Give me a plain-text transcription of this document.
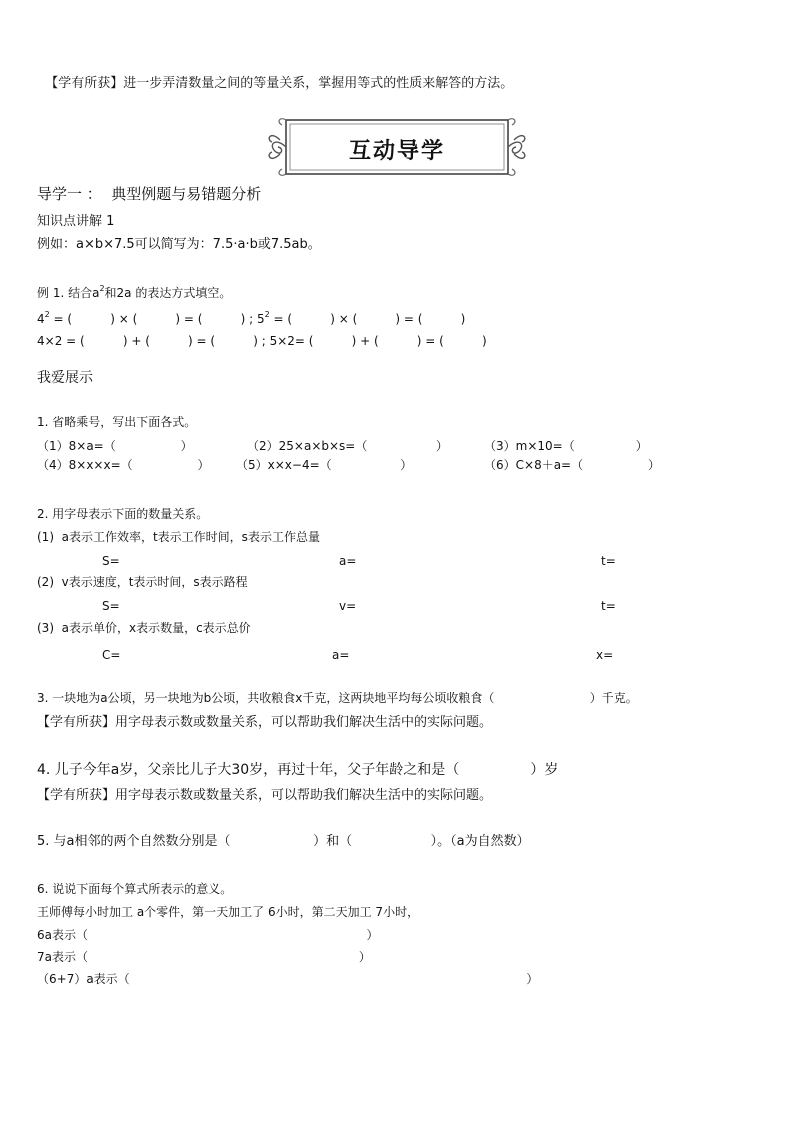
【学有所获】进一步弄清数量之间的等量关系，掌握用等式的性质来解答的方法。

互动导学
导学一 ：  典型例题与易错题分析
知识点讲解 1
例如：a×b×7.5可以简写为：7.5·a·b或7.5ab。
例 1. 结合$a^2$和2a 的表达方式填空。
$4^2$ = (          ) × (          ) = (          ) ; $5^2$ = (          ) × (          ) = (          )
4×2 = (          ) + (          ) = (          ) ; 5×2= (          ) + (          ) = (          )
我爱展示
1. 省略乘号，写出下面各式。
（1）8×a=（                 ）	（2）25×a×b×s=（                  ）	（3）m×10=（                ）
（4）8×x×x=（                 ） （5）x×x−4=（                  ）	（6）C×8＋a=（                 ）
2. 用字母表示下面的数量关系。
(1)  a表示工作效率，t表示工作时间，s表示工作总量
S=	a=	t=
(2)  v表示速度，t表示时间，s表示路程
S=	v=	t=
(3)  a表示单价，x表示数量，c表示总价
C=	a=	x=
3. 一块地为a公顷，另一块地为b公顷，共收粮食x千克，这两块地平均每公顷收粮食（                         ）千克。
【学有所获】用字母表示数或数量关系，可以帮助我们解决生活中的实际问题。
4. 儿子今年a岁，父亲比儿子大30岁，再过十年，父子年龄之和是（                ）岁
【学有所获】用字母表示数或数量关系，可以帮助我们解决生活中的实际问题。
5. 与a相邻的两个自然数分别是（                    ）和（                   ）。（a为自然数）
6. 说说下面每个算式所表示的意义。
王师傅每小时加工 a个零件，第一天加工了 6小时，第二天加工 7小时，
6a表示（                                                                         ）
7a表示（                                                                       ）
（6+7）a表示（                                                                                                        ）
